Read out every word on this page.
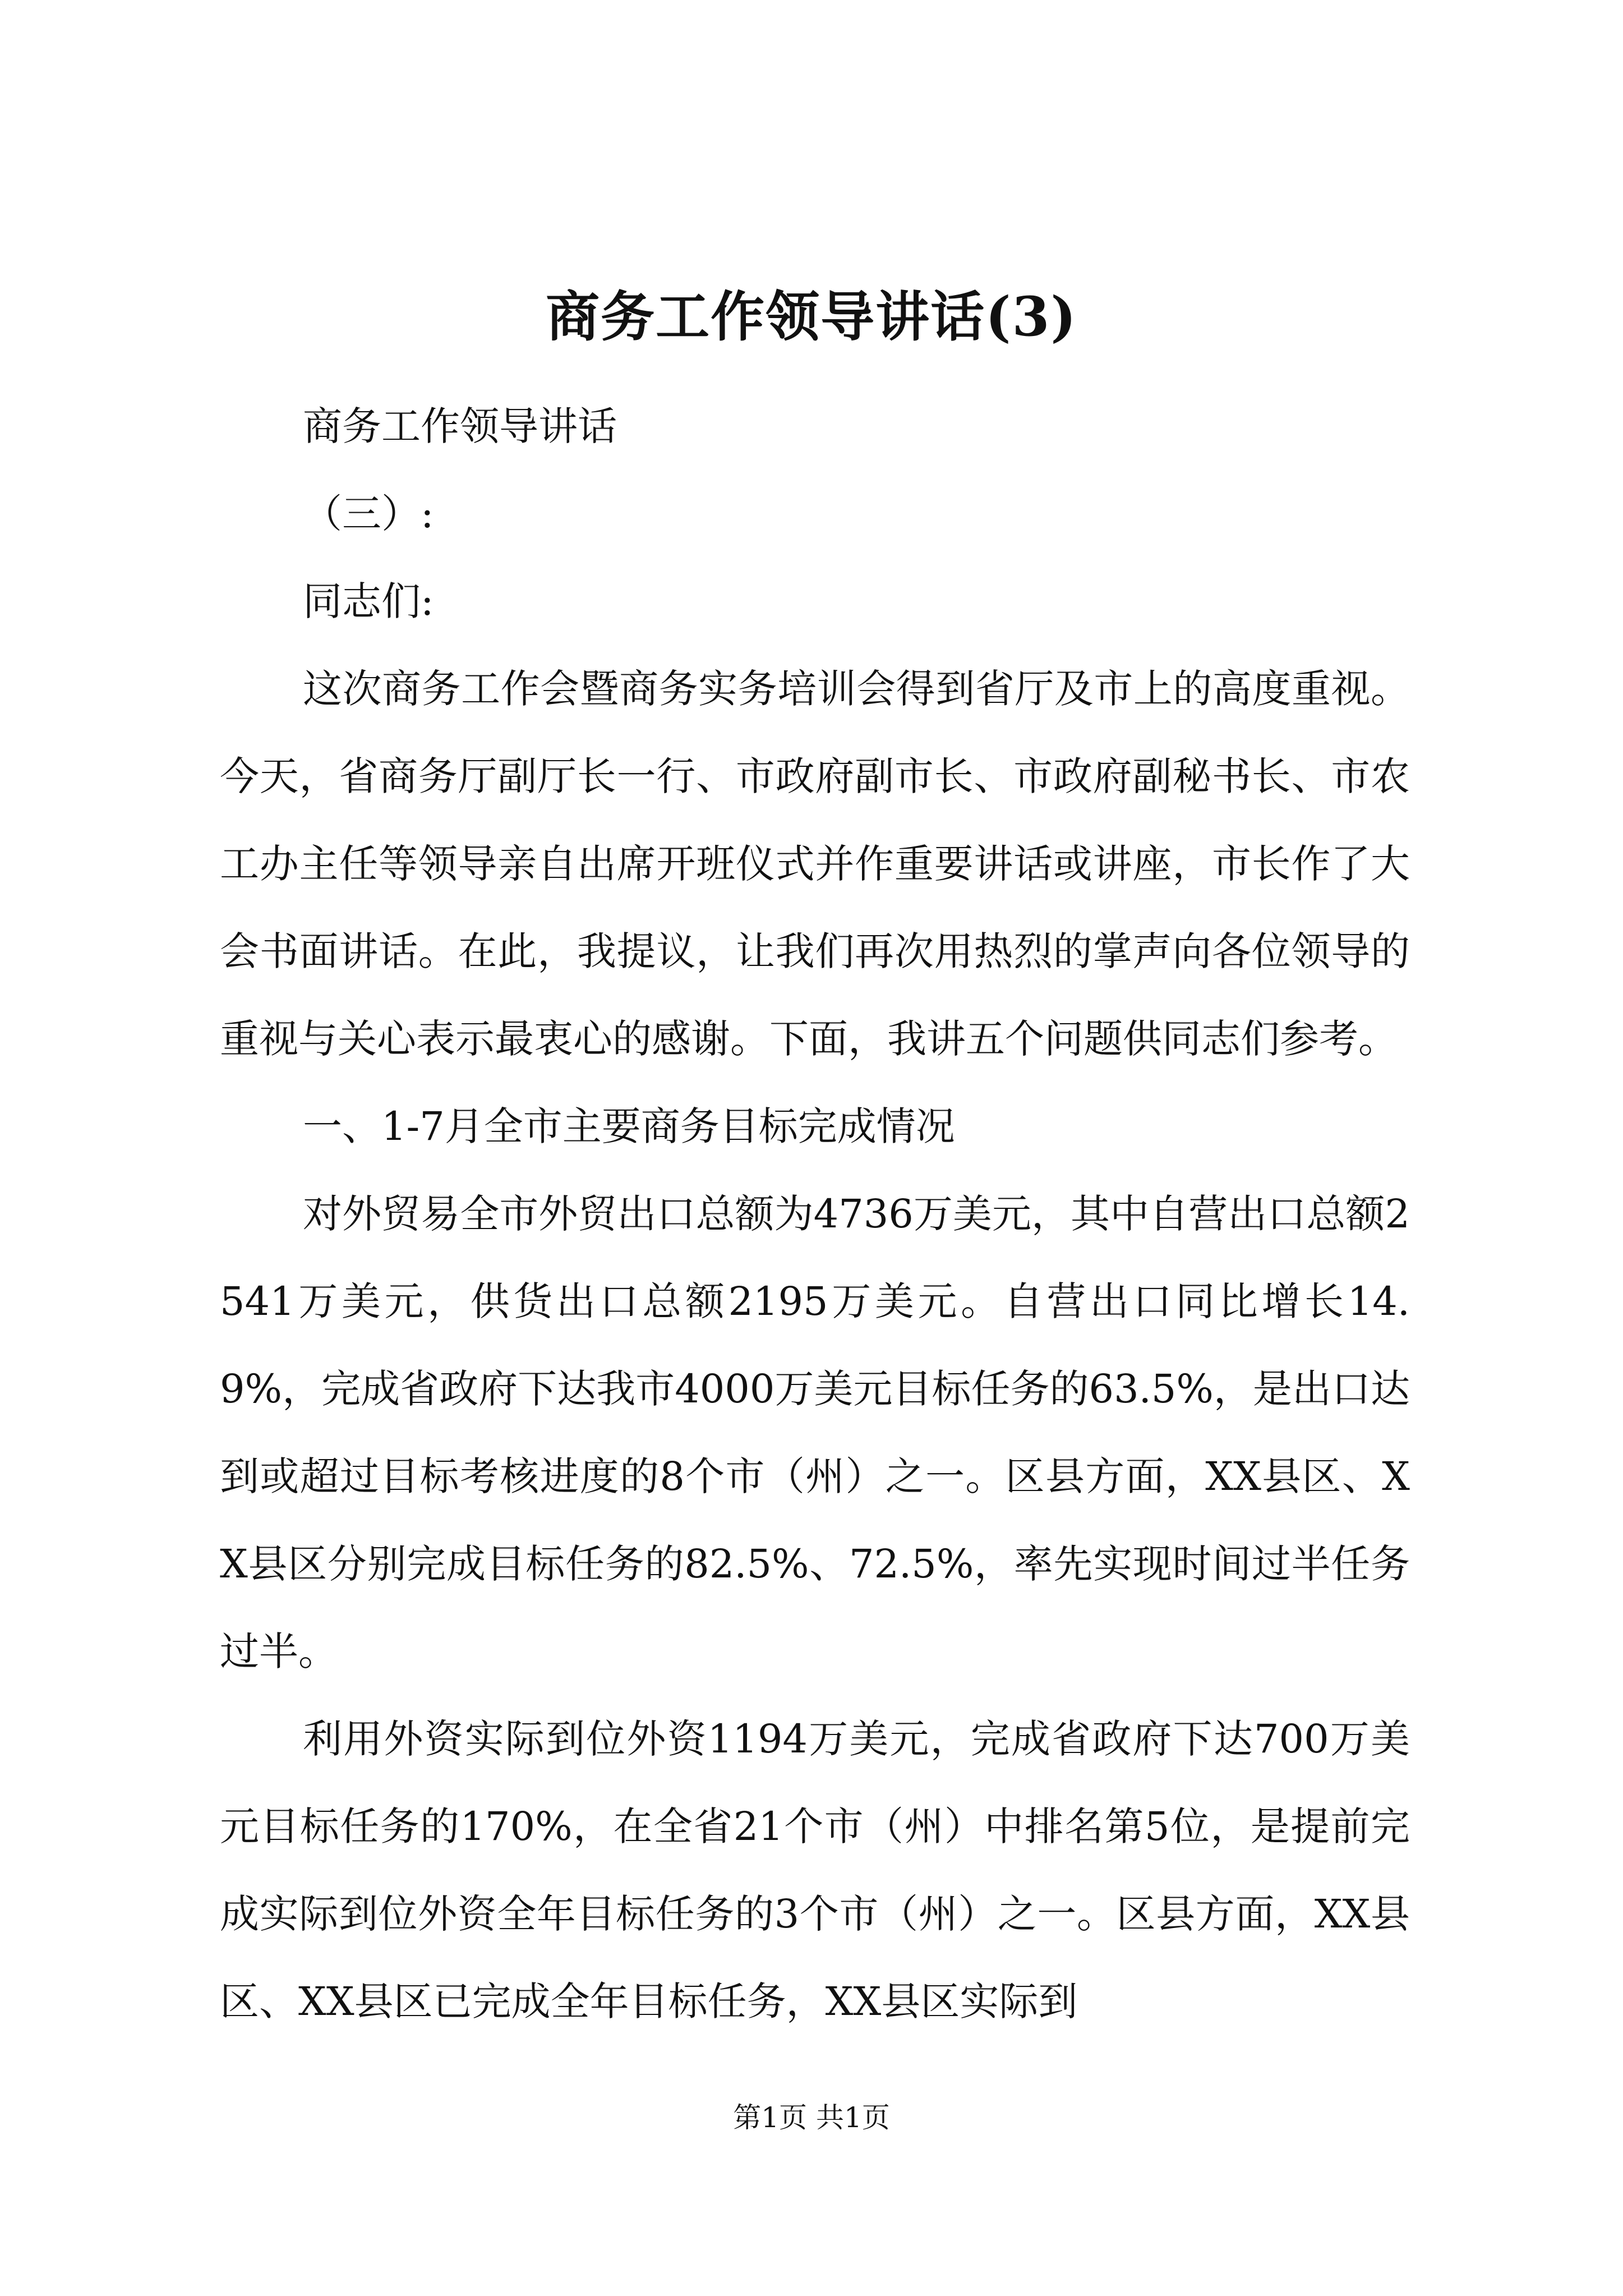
商务工作领导讲话(3)

商务工作领导讲话

（三）:

同志们:

这次商务工作会暨商务实务培训会得到省厅及市上的高度重视。今天，省商务厅副厅长一行、市政府副市长、市政府副秘书长、市农工办主任等领导亲自出席开班仪式并作重要讲话或讲座，市长作了大会书面讲话。在此，我提议，让我们再次用热烈的掌声向各位领导的重视与关心表示最衷心的感谢。下面，我讲五个问题供同志们参考。

一、1-7月全市主要商务目标完成情况

对外贸易全市外贸出口总额为4736万美元，其中自营出口总额2541万美元，供货出口总额2195万美元。自营出口同比增长14.9%，完成省政府下达我市4000万美元目标任务的63.5%，是出口达到或超过目标考核进度的8个市（州）之一。区县方面，XX县区、XX县区分别完成目标任务的82.5%、72.5%，率先实现时间过半任务过半。

利用外资实际到位外资1194万美元，完成省政府下达700万美元目标任务的170%，在全省21个市（州）中排名第5位，是提前完成实际到位外资全年目标任务的3个市（州）之一。区县方面，XX县区、XX县区已完成全年目标任务，XX县区实际到

第1页 共1页
